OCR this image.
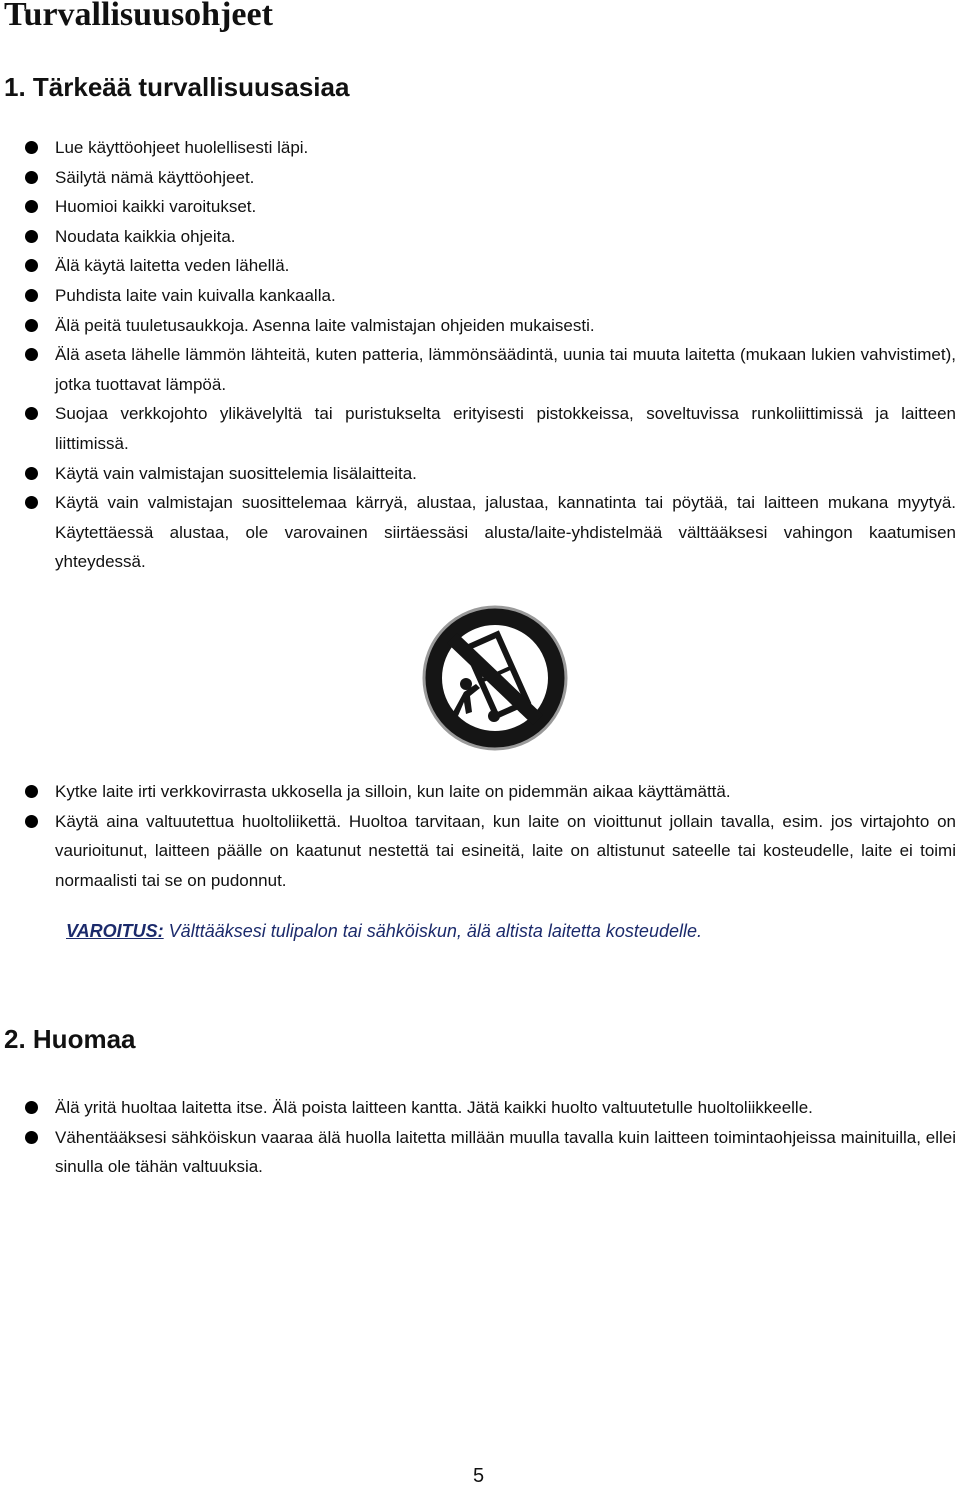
Turvallisuusohjeet
1. Tärkeää turvallisuusasiaa
Lue käyttöohjeet huolellisesti läpi.
Säilytä nämä käyttöohjeet.
Huomioi kaikki varoitukset.
Noudata kaikkia ohjeita.
Älä käytä laitetta veden lähellä.
Puhdista laite vain kuivalla kankaalla.
Älä peitä tuuletusaukkoja. Asenna laite valmistajan ohjeiden mukaisesti.
Älä aseta lähelle lämmön lähteitä, kuten patteria, lämmönsäädintä, uunia tai muuta laitetta (mukaan lukien vahvistimet), jotka tuottavat lämpöä.
Suojaa verkkojohto ylikävelyltä tai puristukselta erityisesti pistokkeissa, soveltuvissa runkoliittimissä ja laitteen liittimissä.
Käytä vain valmistajan suosittelemia lisälaitteita.
Käytä vain valmistajan suosittelemaa kärryä, alustaa, jalustaa, kannatinta tai pöytää, tai laitteen mukana myytyä. Käytettäessä alustaa, ole varovainen siirtäessäsi alusta/laite-yhdistelmää välttääksesi vahingon kaatumisen yhteydessä.
Kytke laite irti verkkovirrasta ukkosella ja silloin, kun laite on pidemmän aikaa käyttämättä.
Käytä aina valtuutettua huoltoliikettä. Huoltoa tarvitaan, kun laite on vioittunut jollain tavalla, esim. jos virtajohto on vaurioitunut, laitteen päälle on kaatunut nestettä tai esineitä, laite on altistunut sateelle tai kosteudelle, laite ei toimi normaalisti tai se on pudonnut.

VAROITUS: Välttääksesi tulipalon tai sähköiskun, älä altista laitetta kosteudelle.

2. Huomaa
Älä yritä huoltaa laitetta itse. Älä poista laitteen kantta. Jätä kaikki huolto valtuutetulle huoltoliikkeelle.
Vähentääksesi sähköiskun vaaraa älä huolla laitetta millään muulla tavalla kuin laitteen toimintaohjeissa mainituilla, ellei sinulla ole tähän valtuuksia.

5
